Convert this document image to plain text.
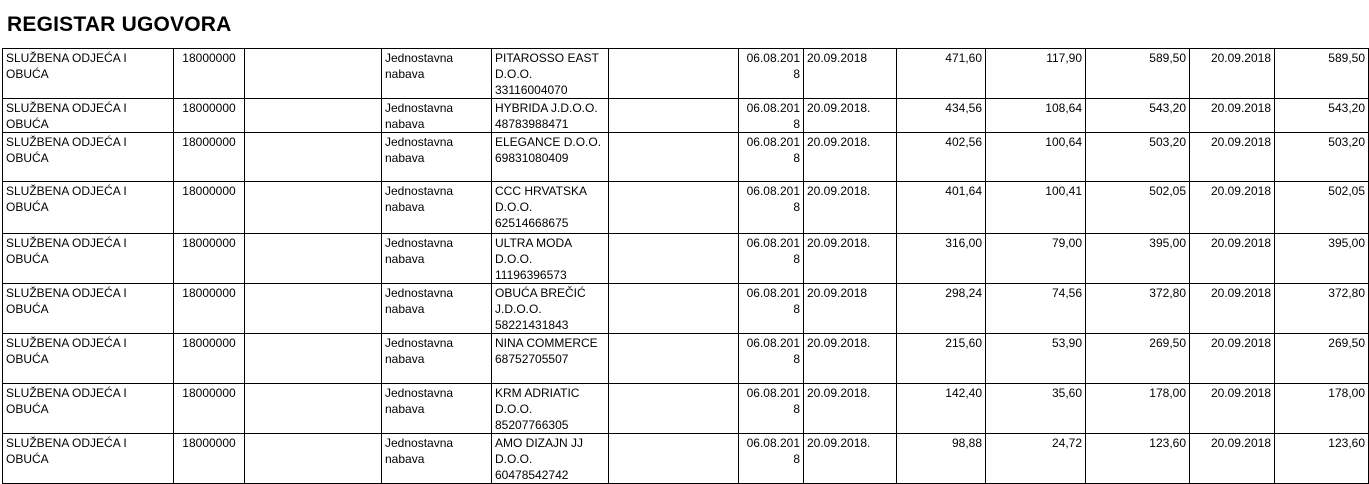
REGISTAR UGOVORA
SLUŽBENA ODJEĆA I OBUĆA	18000000		Jednostavna nabava	PITAROSSO EAST D.O.O. 33116004070		06.08.2018	20.09.2018	471,60	117,90	589,50	20.09.2018	589,50
SLUŽBENA ODJEĆA I OBUĆA	18000000		Jednostavna nabava	HYBRIDA J.D.O.O. 48783988471		06.08.2018	20.09.2018.	434,56	108,64	543,20	20.09.2018	543,20
SLUŽBENA ODJEĆA I OBUĆA	18000000		Jednostavna nabava	ELEGANCE D.O.O. 69831080409		06.08.2018	20.09.2018.	402,56	100,64	503,20	20.09.2018	503,20
SLUŽBENA ODJEĆA I OBUĆA	18000000		Jednostavna nabava	CCC HRVATSKA D.O.O. 62514668675		06.08.2018	20.09.2018.	401,64	100,41	502,05	20.09.2018	502,05
SLUŽBENA ODJEĆA I OBUĆA	18000000		Jednostavna nabava	ULTRA MODA D.O.O. 11196396573		06.08.2018	20.09.2018.	316,00	79,00	395,00	20.09.2018	395,00
SLUŽBENA ODJEĆA I OBUĆA	18000000		Jednostavna nabava	OBUĆA BREČIĆ J.D.O.O. 58221431843		06.08.2018	20.09.2018	298,24	74,56	372,80	20.09.2018	372,80
SLUŽBENA ODJEĆA I OBUĆA	18000000		Jednostavna nabava	NINA COMMERCE 68752705507		06.08.2018	20.09.2018.	215,60	53,90	269,50	20.09.2018	269,50
SLUŽBENA ODJEĆA I OBUĆA	18000000		Jednostavna nabava	KRM ADRIATIC D.O.O. 85207766305		06.08.2018	20.09.2018.	142,40	35,60	178,00	20.09.2018	178,00
SLUŽBENA ODJEĆA I OBUĆA	18000000		Jednostavna nabava	AMO DIZAJN JJ D.O.O. 60478542742		06.08.2018	20.09.2018.	98,88	24,72	123,60	20.09.2018	123,60
